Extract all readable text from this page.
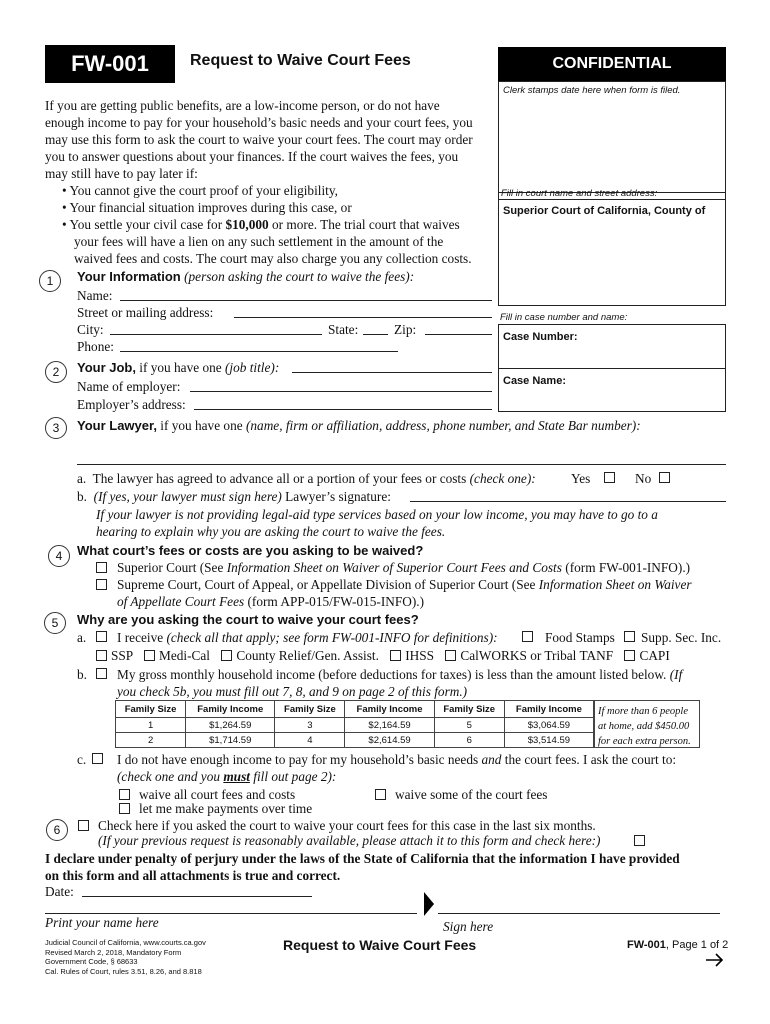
FW-001	Request to Waive Court Fees	CONFIDENTIAL
Clerk stamps date here when form is filed.
Fill in court name and street address:
Superior Court of California, County of
Fill in case number and name:
Case Number:
Case Name:
If you are getting public benefits, are a low-income person, or do not have
enough income to pay for your household’s basic needs and your court fees, you
may use this form to ask the court to waive your court fees. The court may order
you to answer questions about your finances. If the court waives the fees, you
may still have to pay later if:
• You cannot give the court proof of your eligibility,
• Your financial situation improves during this case, or
• You settle your civil case for $10,000 or more. The trial court that waives
your fees will have a lien on any such settlement in the amount of the
waived fees and costs. The court may also charge you any collection costs.
1	Your Information (person asking the court to waive the fees):
Name:
Street or mailing address:
City:	State:	Zip:
Phone:
2	Your Job, if you have one (job title):
Name of employer:
Employer’s address:
3	Your Lawyer, if you have one (name, firm or affiliation, address, phone number, and State Bar number):
a. The lawyer has agreed to advance all or a portion of your fees or costs (check one):	Yes	No
b. (If yes, your lawyer must sign here) Lawyer’s signature:
If your lawyer is not providing legal-aid type services based on your low income, you may have to go to a
hearing to explain why you are asking the court to waive the fees.
4	What court’s fees or costs are you asking to be waived?
Superior Court (See Information Sheet on Waiver of Superior Court Fees and Costs (form FW-001-INFO).)
Supreme Court, Court of Appeal, or Appellate Division of Superior Court (See Information Sheet on Waiver
of Appellate Court Fees (form APP-015/FW-015-INFO).)
5	Why are you asking the court to waive your court fees?
a. I receive (check all that apply; see form FW-001-INFO for definitions):	Food Stamps Supp. Sec. Inc.
SSP Medi-Cal County Relief/Gen. Assist. IHSS CalWORKS or Tribal TANF CAPI
b. My gross monthly household income (before deductions for taxes) is less than the amount listed below. (If
you check 5b, you must fill out 7, 8, and 9 on page 2 of this form.)
Family Size	Family Income	Family Size	Family Income	Family Size	Family Income
1	$1,264.59	3	$2,164.59	5	$3,064.59
2	$1,714.59	4	$2,614.59	6	$3,514.59
If more than 6 people
at home, add $450.00
for each extra person.
c. I do not have enough income to pay for my household’s basic needs and the court fees. I ask the court to:
(check one and you must fill out page 2):
waive all court fees and costs	waive some of the court fees
let me make payments over time
6	Check here if you asked the court to waive your court fees for this case in the last six months.
(If your previous request is reasonably available, please attach it to this form and check here:)
I declare under penalty of perjury under the laws of the State of California that the information I have provided
on this form and all attachments is true and correct.
Date:
Print your name here	Sign here
Judicial Council of California, www.courts.ca.gov
Revised March 2, 2018, Mandatory Form
Government Code, § 68633
Cal. Rules of Court, rules 3.51, 8.26, and 8.818
Request to Waive Court Fees	FW-001, Page 1 of 2
